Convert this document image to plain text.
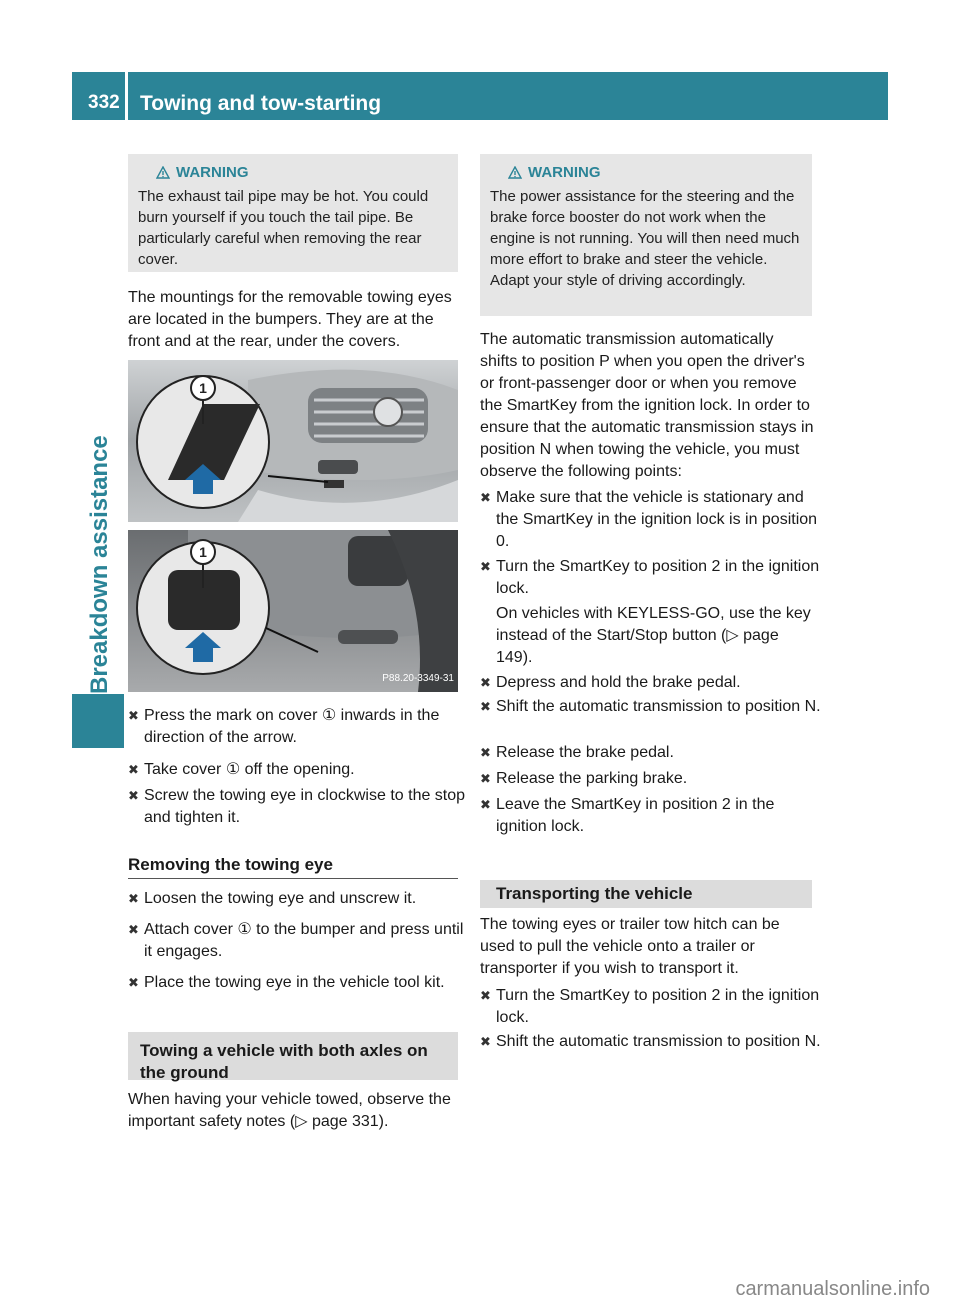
332 Towing and tow-starting
Breakdown assistance
WARNING
The exhaust tail pipe may be hot. You could burn yourself if you touch the tail pipe. Be particularly careful when removing the rear cover.
The mountings for the removable towing eyes are located in the bumpers. They are at the front and at the rear, under the covers.
1
1
P88.20-3349-31
✖ Press the mark on cover ① inwards in the direction of the arrow.
✖ Take cover ① off the opening.
✖ Screw the towing eye in clockwise to the stop and tighten it.
Removing the towing eye
✖ Loosen the towing eye and unscrew it.
✖ Attach cover ① to the bumper and press until it engages.
✖ Place the towing eye in the vehicle tool kit.
Towing a vehicle with both axles on the ground
When having your vehicle towed, observe the important safety notes (▷ page 331).
WARNING
The power assistance for the steering and the brake force booster do not work when the engine is not running. You will then need much more effort to brake and steer the vehicle. Adapt your style of driving accordingly.
The automatic transmission automatically shifts to position P when you open the driver's or front-passenger door or when you remove the SmartKey from the ignition lock. In order to ensure that the automatic transmission stays in position N when towing the vehicle, you must observe the following points:
✖ Make sure that the vehicle is stationary and the SmartKey in the ignition lock is in position 0.
✖ Turn the SmartKey to position 2 in the ignition lock.
On vehicles with KEYLESS-GO, use the key instead of the Start/Stop button (▷ page 149).
✖ Depress and hold the brake pedal.
✖ Shift the automatic transmission to position N.
✖ Release the brake pedal.
✖ Release the parking brake.
✖ Leave the SmartKey in position 2 in the ignition lock.
Transporting the vehicle
The towing eyes or trailer tow hitch can be used to pull the vehicle onto a trailer or transporter if you wish to transport it.
✖ Turn the SmartKey to position 2 in the ignition lock.
✖ Shift the automatic transmission to position N.
carmanualsonline.info
